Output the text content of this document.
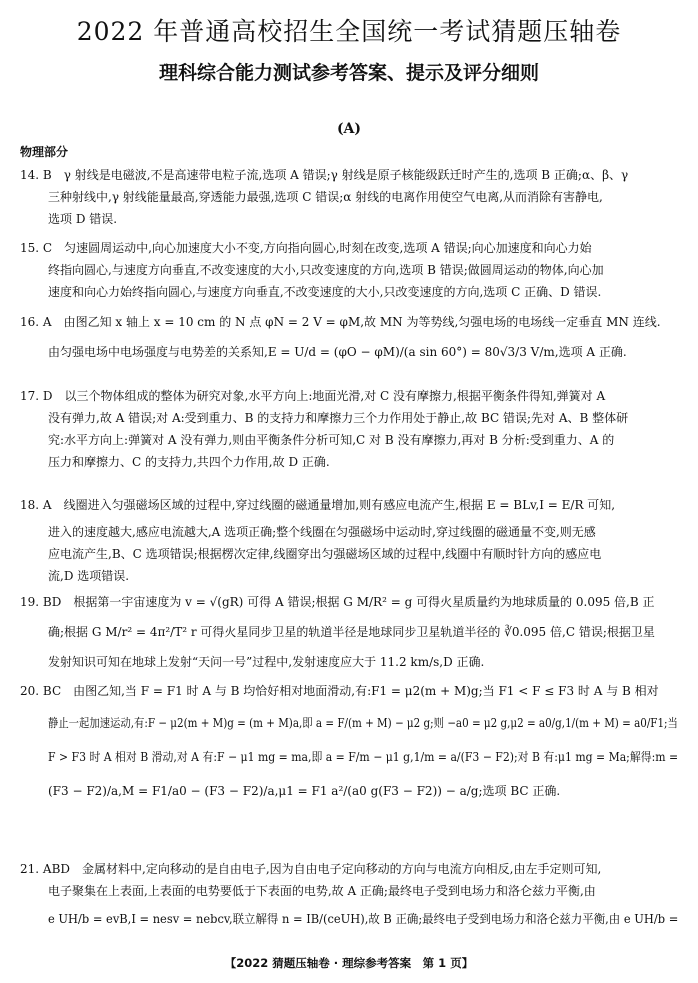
2022 年普通高校招生全国统一考试猜题压轴卷
理科综合能力测试参考答案、提示及评分细则
(A)
物理部分
14. B　γ 射线是电磁波,不是高速带电粒子流,选项 A 错误;γ 射线是原子核能级跃迁时产生的,选项 B 正确;α、β、γ
三种射线中,γ 射线能量最高,穿透能力最强,选项 C 错误;α 射线的电离作用使空气电离,从而消除有害静电,
选项 D 错误.
15. C　匀速圆周运动中,向心加速度大小不变,方向指向圆心,时刻在改变,选项 A 错误;向心加速度和向心力始
终指向圆心,与速度方向垂直,不改变速度的大小,只改变速度的方向,选项 B 错误;做圆周运动的物体,向心加
速度和向心力始终指向圆心,与速度方向垂直,不改变速度的大小,只改变速度的方向,选项 C 正确、D 错误.
16. A　由图乙知 x 轴上 x = 10 cm 的 N 点 φN = 2 V = φM,故 MN 为等势线,匀强电场的电场线一定垂直 MN 连线.
由匀强电场中电场强度与电势差的关系知,E = U/d = (φO − φM)/(a sin 60°) = 80√3/3 V/m,选项 A 正确.
17. D　以三个物体组成的整体为研究对象,水平方向上:地面光滑,对 C 没有摩擦力,根据平衡条件得知,弹簧对 A
没有弹力,故 A 错误;对 A:受到重力、B 的支持力和摩擦力三个力作用处于静止,故 BC 错误;先对 A、B 整体研
究:水平方向上:弹簧对 A 没有弹力,则由平衡条件分析可知,C 对 B 没有摩擦力,再对 B 分析:受到重力、A 的
压力和摩擦力、C 的支持力,共四个力作用,故 D 正确.
18. A　线圈进入匀强磁场区域的过程中,穿过线圈的磁通量增加,则有感应电流产生,根据 E = BLv,I = E/R 可知,
进入的速度越大,感应电流越大,A 选项正确;整个线圈在匀强磁场中运动时,穿过线圈的磁通量不变,则无感
应电流产生,B、C 选项错误;根据楞次定律,线圈穿出匀强磁场区域的过程中,线圈中有顺时针方向的感应电
流,D 选项错误.
19. BD　根据第一宇宙速度为 v = √(gR) 可得 A 错误;根据 G M/R² = g 可得火星质量约为地球质量的 0.095 倍,B 正
确;根据 G M/r² = 4π²/T² r 可得火星同步卫星的轨道半径是地球同步卫星轨道半径的 ∛0.095 倍,C 错误;根据卫星
发射知识可知在地球上发射“天问一号”过程中,发射速度应大于 11.2 km/s,D 正确.
20. BC　由图乙知,当 F = F1 时 A 与 B 均恰好相对地面滑动,有:F1 = μ2(m + M)g;当 F1 < F ≤ F3 时 A 与 B 相对
静止一起加速运动,有:F − μ2(m + M)g = (m + M)a,即 a = F/(m + M) − μ2 g;则 −a0 = μ2 g,μ2 = a0/g,1/(m + M) = a0/F1;当
F > F3 时 A 相对 B 滑动,对 A 有:F − μ1 mg = ma,即 a = F/m − μ1 g,1/m = a/(F3 − F2);对 B 有:μ1 mg = Ma;解得:m =
(F3 − F2)/a,M = F1/a0 − (F3 − F2)/a,μ1 = F1 a²/(a0 g(F3 − F2)) − a/g;选项 BC 正确.
21. ABD　金属材料中,定向移动的是自由电子,因为自由电子定向移动的方向与电流方向相反,由左手定则可知,
电子聚集在上表面,上表面的电势要低于下表面的电势,故 A 正确;最终电子受到电场力和洛仑兹力平衡,由
e UH/b = evB,I = nesv = nebcv,联立解得 n = IB/(ceUH),故 B 正确;最终电子受到电场力和洛仑兹力平衡,由 e UH/b =
【2022 猜题压轴卷 · 理综参考答案　第 1 页】
